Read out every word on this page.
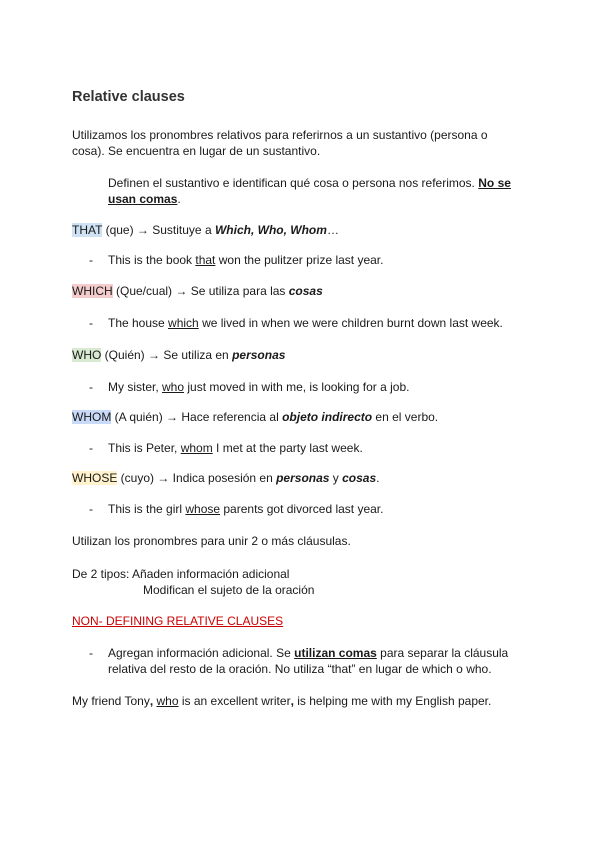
Relative clauses

Utilizamos los pronombres relativos para referirnos a un sustantivo (persona o

cosa). Se encuentra en lugar de un sustantivo.

Definen el sustantivo e identifican qué cosa o persona nos referimos. No se

usan comas.

THAT (que) → Sustituye a Which, Who, Whom…

- This is the book that won the pulitzer prize last year.

WHICH (Que/cual) → Se utiliza para las cosas

- The house which we lived in when we were children burnt down last week.

WHO (Quién) → Se utiliza en personas

- My sister, who just moved in with me, is looking for a job.

WHOM (A quién) → Hace referencia al objeto indirecto en el verbo.

- This is Peter, whom I met at the party last week.

WHOSE (cuyo) → Indica posesión en personas y cosas.

- This is the girl whose parents got divorced last year.

Utilizan los pronombres para unir 2 o más cláusulas.

De 2 tipos: Añaden información adicional

Modifican el sujeto de la oración

NON- DEFINING RELATIVE CLAUSES

- Agregan información adicional. Se utilizan comas para separar la cláusula

relativa del resto de la oración. No utiliza “that” en lugar de which o who.

My friend Tony, who is an excellent writer, is helping me with my English paper.
